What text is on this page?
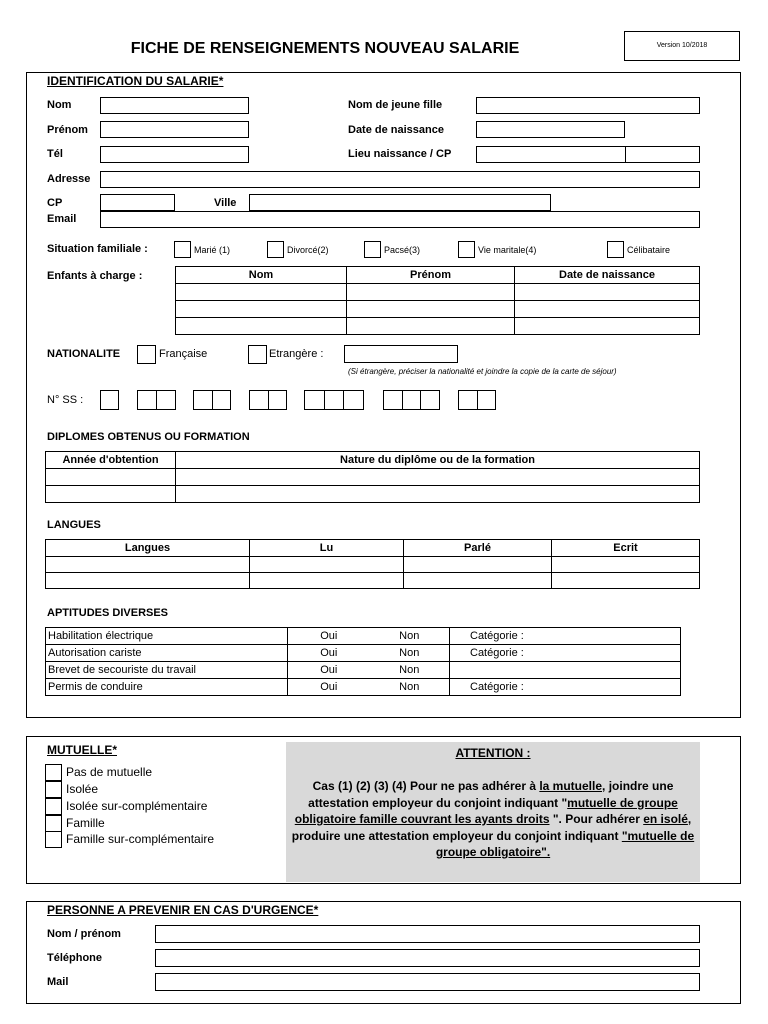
FICHE DE RENSEIGNEMENTS NOUVEAU SALARIE	Version 10/2018
IDENTIFICATION DU SALARIE*
Nom	Nom de jeune fille
Prénom	Date de naissance
Tél	Lieu naissance / CP
Adresse
CP	Ville
Email
Situation familiale :	Marié (1)	Divorcé(2)	Pacsé(3)	Vie maritale(4)	Célibataire
Enfants à charge :	Nom	Prénom	Date de naissance

NATIONALITE	Française	Etrangère :
(Si étrangère, préciser la nationalité et joindre la copie de la carte de séjour)
N° SS :
DIPLOMES OBTENUS OU FORMATION
Année d'obtention	Nature du diplôme ou de la formation

LANGUES
Langues	Lu	Parlé	Ecrit

APTITUDES DIVERSES
Habilitation électrique	Oui	Non	Catégorie :
Autorisation cariste	Oui	Non	Catégorie :
Brevet de secouriste du travail	Oui	Non	
Permis de conduire	Oui	Non	Catégorie :
MUTUELLE*
Pas de mutuelle
Isolée
Isolée sur-complémentaire
Famille
Famille sur-complémentaire
ATTENTION :
Cas (1) (2) (3) (4) Pour ne pas adhérer à la mutuelle, joindre une attestation employeur du conjoint indiquant "mutuelle de groupe obligatoire famille couvrant les ayants droits ". Pour adhérer en isolé, produire une attestation employeur du conjoint indiquant "mutuelle de groupe obligatoire".
PERSONNE A PREVENIR EN CAS D'URGENCE*
Nom / prénom
Téléphone
Mail
